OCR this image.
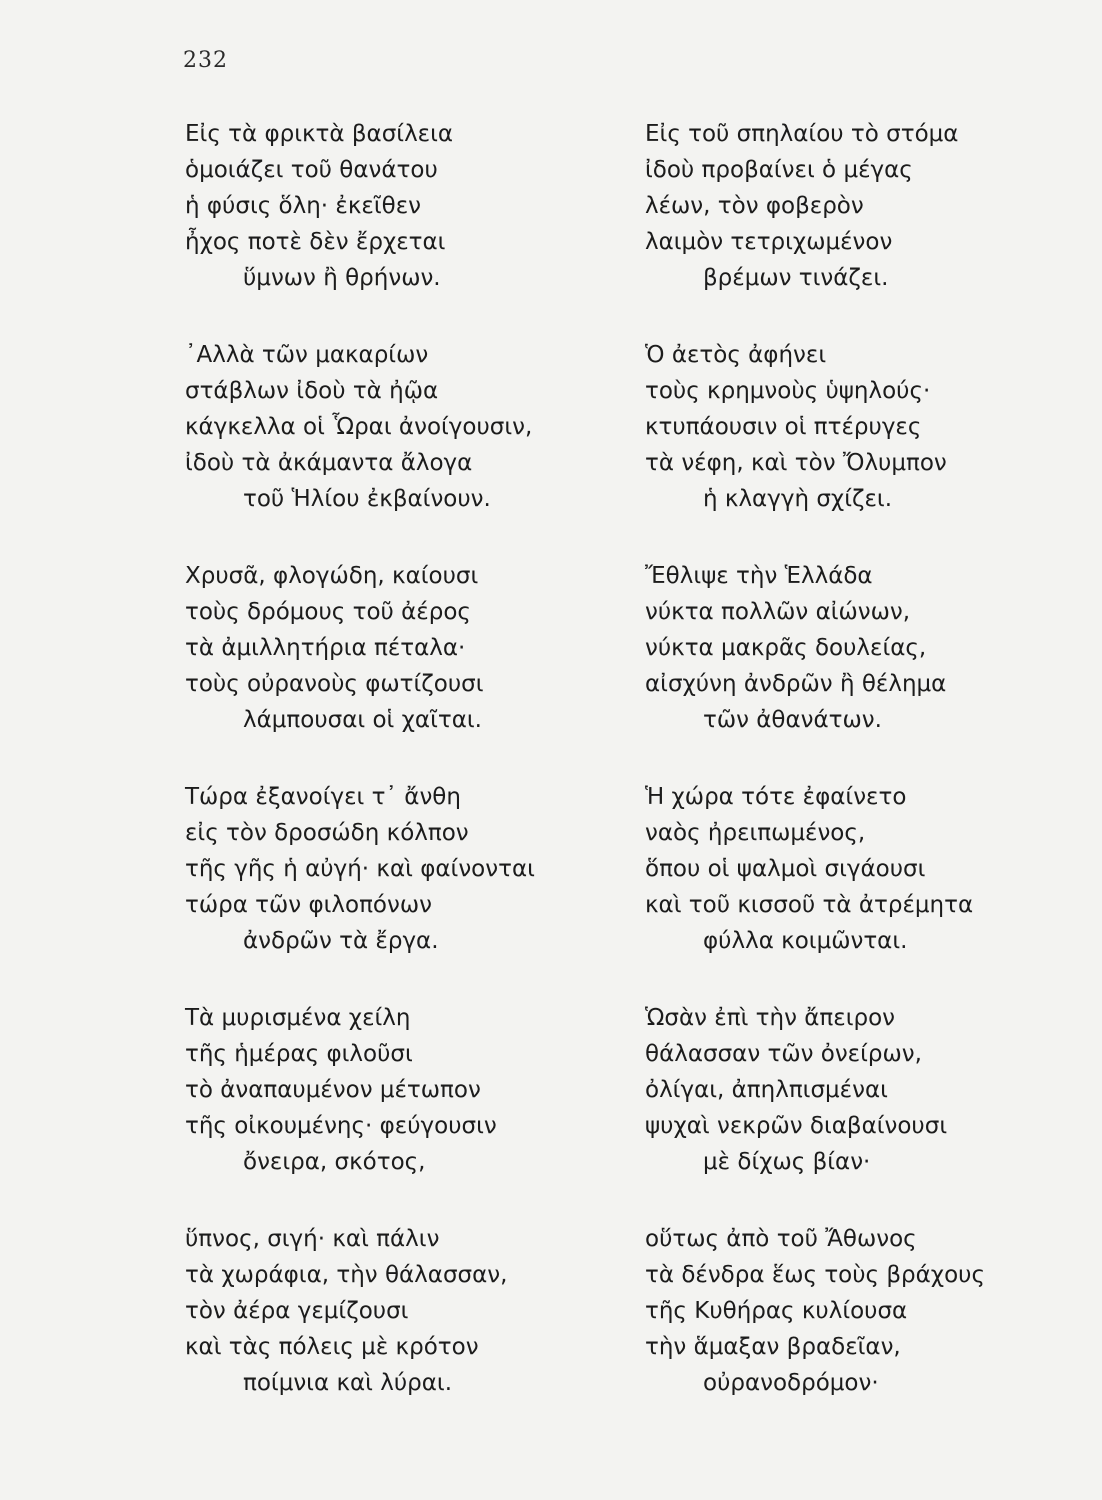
232
Εἰς τὰ φρικτὰ βασίλεια
ὁμοιάζει τοῦ θανάτου
ἡ φύσις ὅλη· ἐκεῖθεν
ἦχος ποτὲ δὲν ἔρχεται
ὕμνων ἢ θρήνων.
᾿Αλλὰ τῶν μακαρίων
στάβλων ἰδοὺ τὰ ἠῷα
κάγκελλα οἱ Ὧραι ἀνοίγουσιν,
ἰδοὺ τὰ ἀκάμαντα ἄλογα
τοῦ Ἡλίου ἐκβαίνουν.
Χρυσᾶ, φλογώδη, καίουσι
τοὺς δρόμους τοῦ ἀέρος
τὰ ἀμιλλητήρια πέταλα·
τοὺς οὐρανοὺς φωτίζουσι
λάμπουσαι οἱ χαῖται.
Τώρα ἐξανοίγει τ᾿ ἄνθη
εἰς τὸν δροσώδη κόλπον
τῆς γῆς ἡ αὐγή· καὶ φαίνονται
τώρα τῶν φιλοπόνων
ἀνδρῶν τὰ ἔργα.
Τὰ μυρισμένα χείλη
τῆς ἡμέρας φιλοῦσι
τὸ ἀναπαυμένον μέτωπον
τῆς οἰκουμένης· φεύγουσιν
ὄνειρα, σκότος,
ὕπνος, σιγή· καὶ πάλιν
τὰ χωράφια, τὴν θάλασσαν,
τὸν ἀέρα γεμίζουσι
καὶ τὰς πόλεις μὲ κρότον
ποίμνια καὶ λύραι.
Εἰς τοῦ σπηλαίου τὸ στόμα
ἰδοὺ προβαίνει ὁ μέγας
λέων, τὸν φοβερὸν
λαιμὸν τετριχωμένον
βρέμων τινάζει.
Ὁ ἀετὸς ἀφήνει
τοὺς κρημνοὺς ὑψηλούς·
κτυπάουσιν οἱ πτέρυγες
τὰ νέφη, καὶ τὸν Ὄλυμπον
ἡ κλαγγὴ σχίζει.
Ἔθλιψε τὴν Ἑλλάδα
νύκτα πολλῶν αἰώνων,
νύκτα μακρᾶς δουλείας,
αἰσχύνη ἀνδρῶν ἢ θέλημα
τῶν ἀθανάτων.
Ἡ χώρα τότε ἐφαίνετο
ναὸς ἠρειπωμένος,
ὅπου οἱ ψαλμοὶ σιγάουσι
καὶ τοῦ κισσοῦ τὰ ἀτρέμητα
φύλλα κοιμῶνται.
Ὡσὰν ἐπὶ τὴν ἄπειρον
θάλασσαν τῶν ὀνείρων,
ὀλίγαι, ἀπηλπισμέναι
ψυχαὶ νεκρῶν διαβαίνουσι
μὲ δίχως βίαν·
οὕτως ἀπὸ τοῦ Ἄθωνος
τὰ δένδρα ἕως τοὺς βράχους
τῆς Κυθήρας κυλίουσα
τὴν ἅμαξαν βραδεῖαν,
οὐρανοδρόμον·
